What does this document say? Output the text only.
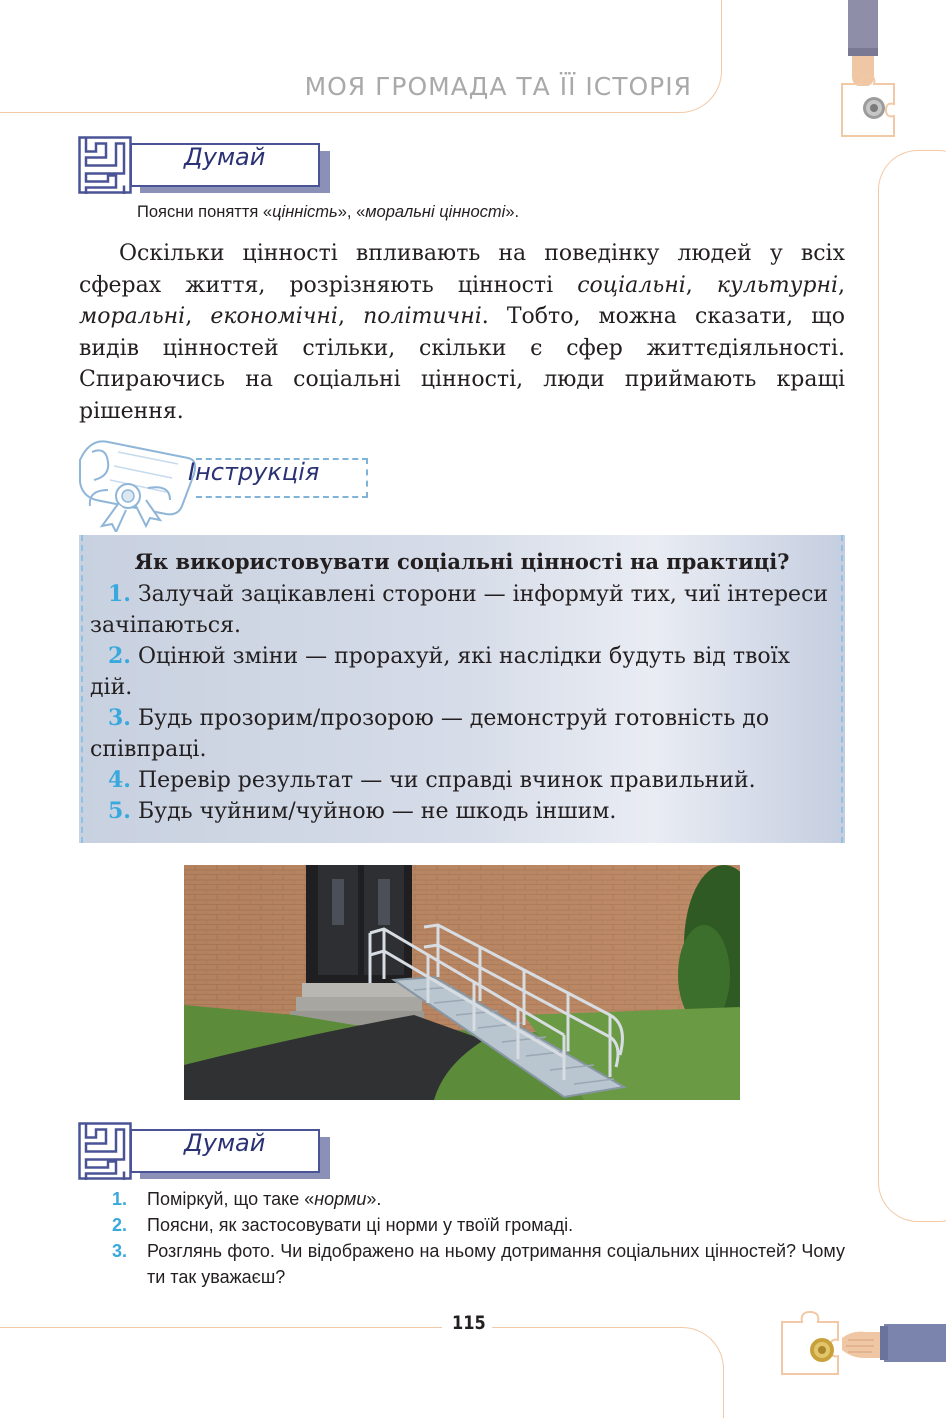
МОЯ ГРОМАДА ТА ЇЇ ІСТОРІЯ
Думай
Поясни поняття «цінність», «моральні цінності».
Оскільки цінності впливають на поведінку людей у всіх сферах життя, розрізняють цінності соціальні, культурні, моральні, економічні, політичні. Тобто, можна сказати, що видів цінностей стільки, скільки є сфер життєдіяльності. Спираючись на соціальні цінності, люди приймають кращі рішення.
Інструкція
Як використовувати соціальні цінності на практиці?
1. Залучай зацікавлені сторони — інформуй тих, чиї інтереси зачіпаються.
2. Оцінюй зміни — прорахуй, які наслідки будуть від твоїх дій.
3. Будь прозорим/прозорою — демонструй готовність до співпраці.
4. Перевір результат — чи справді вчинок правильний.
5. Будь чуйним/чуйною — не шкодь іншим.
Думай
1. Поміркуй, що таке «норми».
2. Поясни, як застосовувати ці норми у твоїй громаді.
3. Розглянь фото. Чи відображено на ньому дотримання соціальних цінностей? Чому ти так уважаєш?
115
